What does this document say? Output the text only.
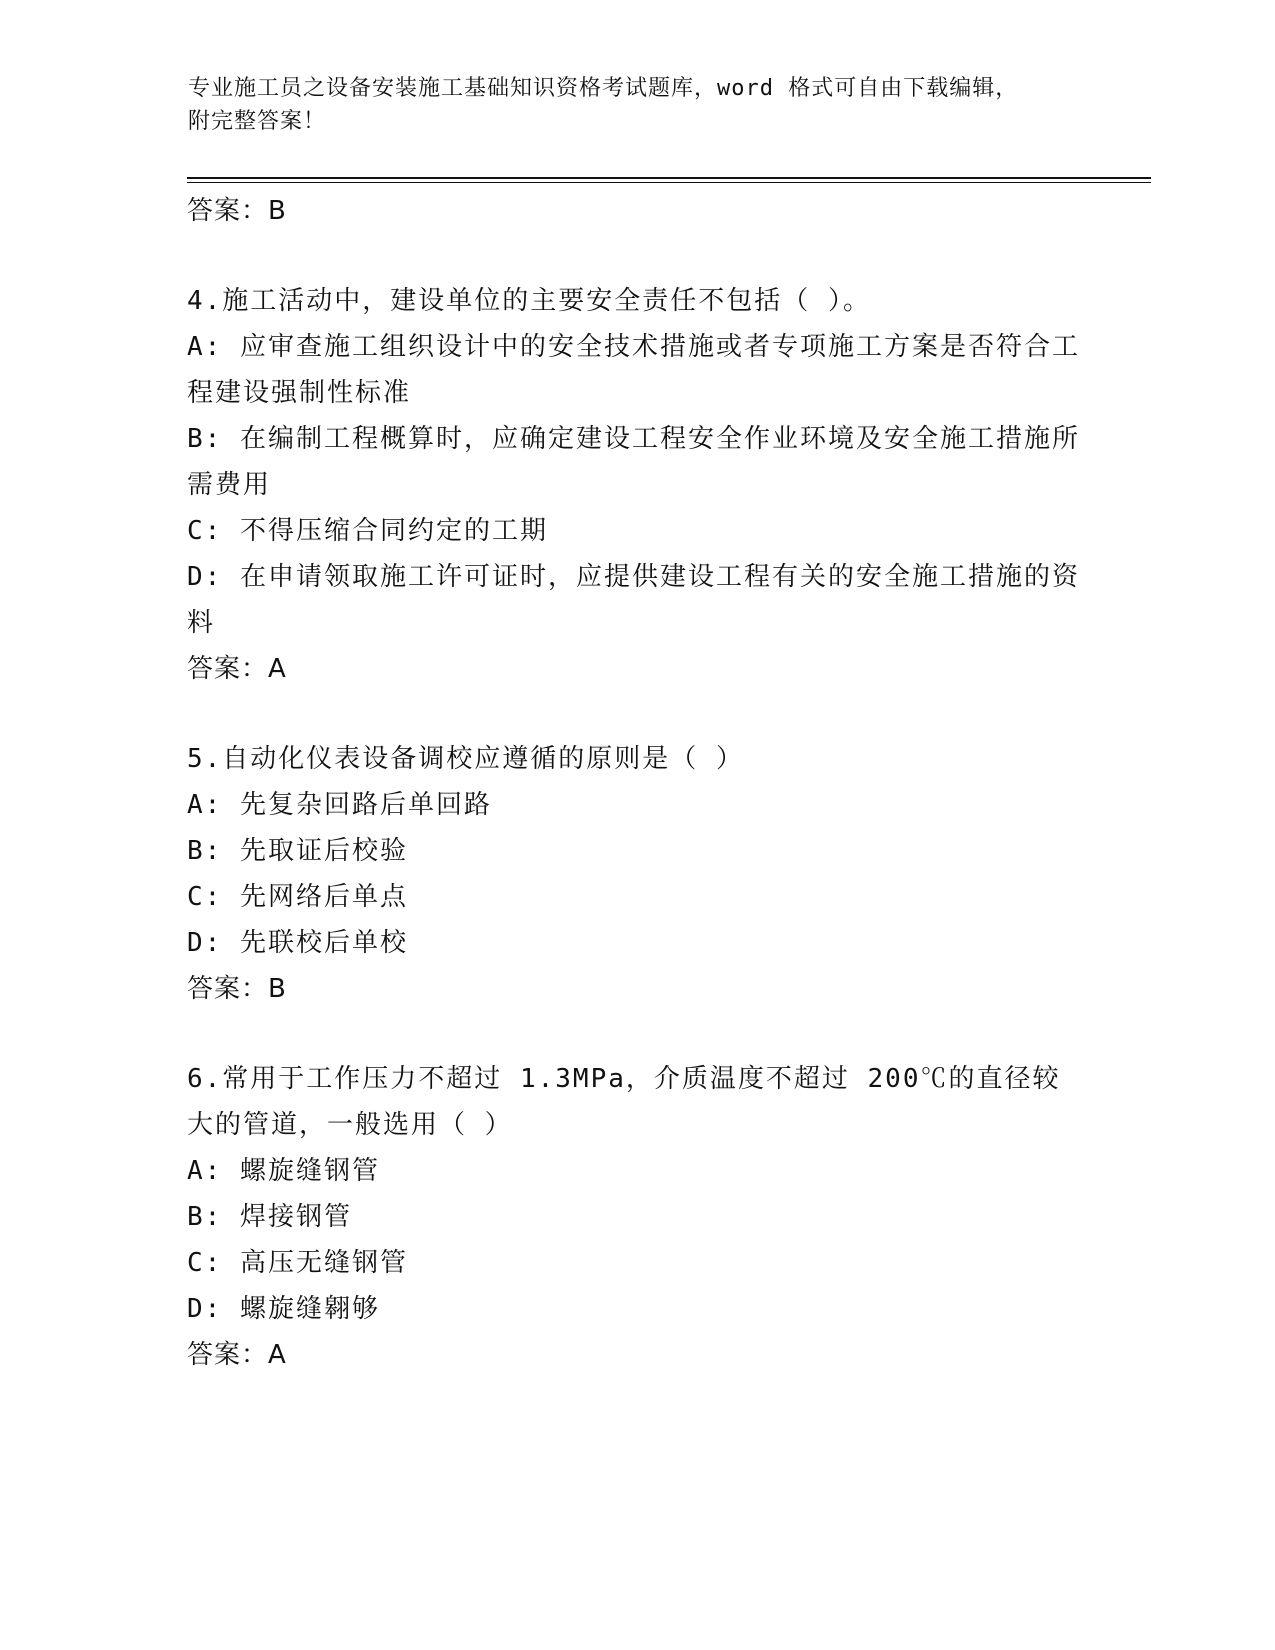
专业施工员之设备安装施工基础知识资格考试题库，word 格式可自由下载编辑，
附完整答案！
答案：B
4.施工活动中，建设单位的主要安全责任不包括（ ）。
A: 应审查施工组织设计中的安全技术措施或者专项施工方案是否符合工程建设强制性标准
B: 在编制工程概算时，应确定建设工程安全作业环境及安全施工措施所需费用
C: 不得压缩合同约定的工期
D: 在申请领取施工许可证时，应提供建设工程有关的安全施工措施的资料
答案：A
5.自动化仪表设备调校应遵循的原则是（ ）
A: 先复杂回路后单回路
B: 先取证后校验
C: 先网络后单点
D: 先联校后单校
答案：B
6.常用于工作压力不超过 1.3MPa，介质温度不超过 200℃的直径较大的管道，一般选用（ ）
A: 螺旋缝钢管
B: 焊接钢管
C: 高压无缝钢管
D: 螺旋缝翱够
答案：A
